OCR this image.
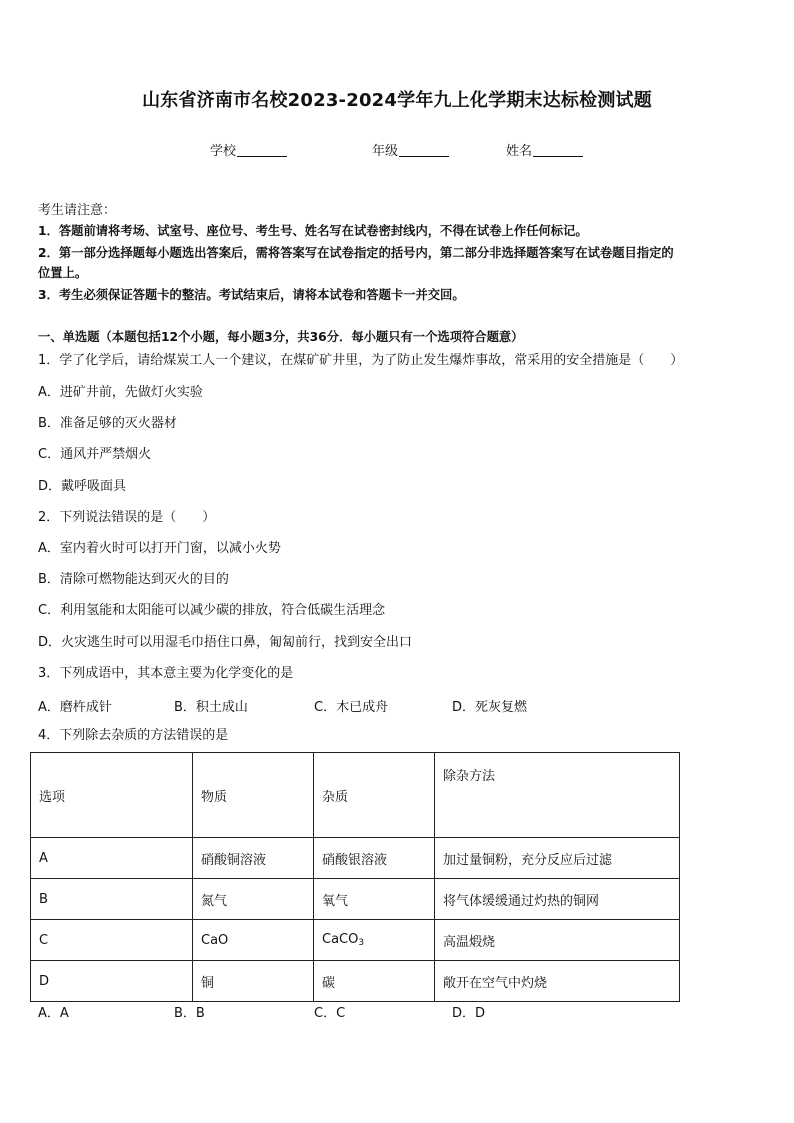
山东省济南市名校2023-2024学年九上化学期末达标检测试题
学校	年级	姓名
考生请注意：
1．答题前请将考场、试室号、座位号、考生号、姓名写在试卷密封线内，不得在试卷上作任何标记。
2．第一部分选择题每小题选出答案后，需将答案写在试卷指定的括号内，第二部分非选择题答案写在试卷题目指定的
位置上。
3．考生必须保证答题卡的整洁。考试结束后，请将本试卷和答题卡一并交回。
一、单选题（本题包括12个小题，每小题3分，共36分．每小题只有一个选项符合题意）
1．学了化学后，请给煤炭工人一个建议，在煤矿矿井里，为了防止发生爆炸事故，常采用的安全措施是（　　）
A．进矿井前，先做灯火实验
B．准备足够的灭火器材
C．通风并严禁烟火
D．戴呼吸面具
2．下列说法错误的是（　　）
A．室内着火时可以打开门窗，以减小火势
B．清除可燃物能达到灭火的目的
C．利用氢能和太阳能可以减少碳的排放，符合低碳生活理念
D．火灾逃生时可以用湿毛巾捂住口鼻，匍匐前行，找到安全出口
3．下列成语中，其本意主要为化学变化的是
A．磨杵成针	B．积土成山	C．木已成舟	D．死灰复燃
4．下列除去杂质的方法错误的是
选项	物质	杂质	除杂方法
A	硝酸铜溶液	硝酸银溶液	加过量铜粉，充分反应后过滤
B	氮气	氧气	将气体缓缓通过灼热的铜网
C	CaO	CaCO$_3$	高温煅烧
D	铜	碳	敞开在空气中灼烧
A．A	B．B	C．C	D．D
